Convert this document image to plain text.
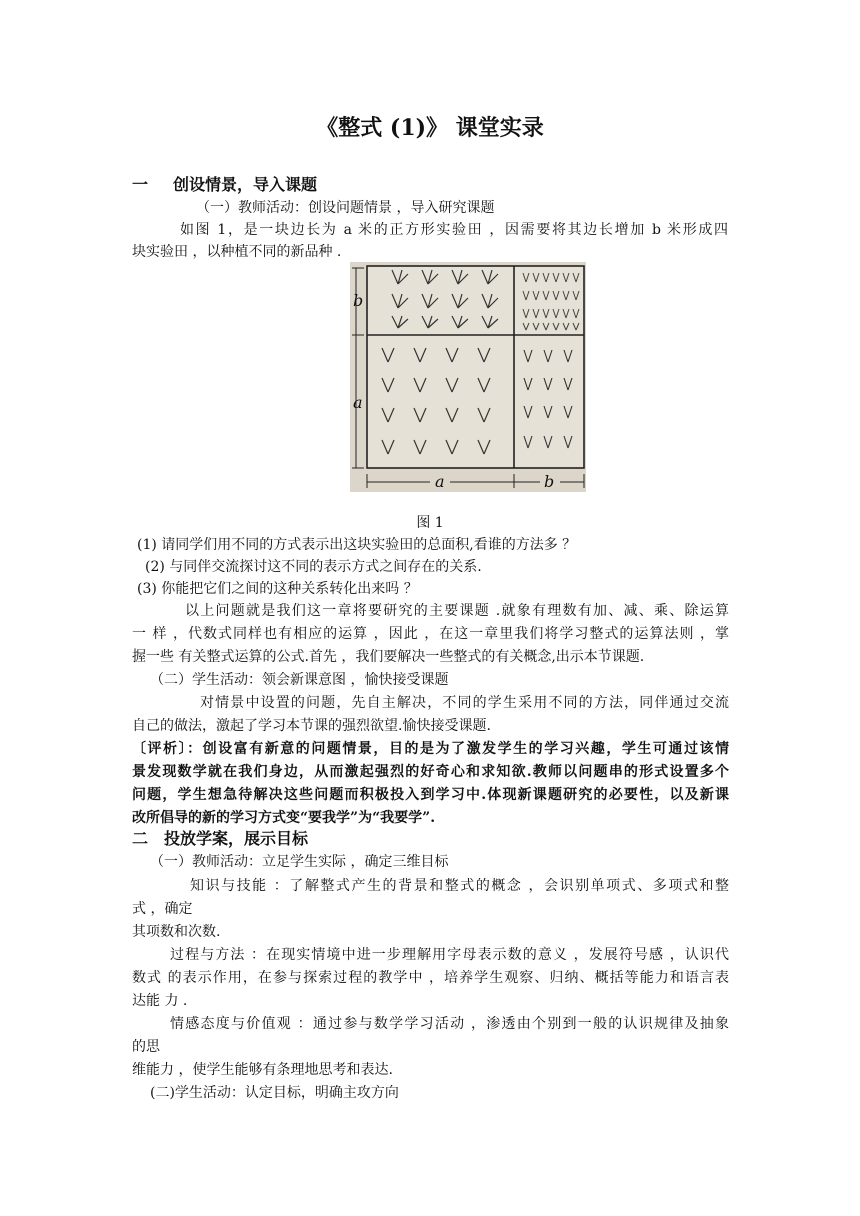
《整式 (1)》 课堂实录
一 创设情景，导入课题
（一）教师活动：创设问题情景 ，导入研究课题
如图 1，是一块边长为 a 米的正方形实验田 ，因需要将其边长增加 b 米形成四
块实验田 ，以种植不同的新品种 .
b
a
a	b
图 1
(1) 请同学们用不同的方式表示出这块实验田的总面积,看谁的方法多 ？
(2) 与同伴交流探讨这不同的表示方式之间存在的关系.
(3) 你能把它们之间的这种关系转化出来吗 ？
以上问题就是我们这一章将要研究的主要课题 .就象有理数有加、减、乘、除运算
一 样 ，代数式同样也有相应的运算 ，因此 ，在这一章里我们将学习整式的运算法则 ，掌
握一些 有关整式运算的公式.首先 ，我们要解决一些整式的有关概念,出示本节课题.
（二）学生活动：领会新课意图 ，愉快接受课题
对情景中设置的问题，先自主解决，不同的学生采用不同的方法，同伴通过交流
自己的做法，激起了学习本节课的强烈欲望.愉快接受课题.
〔评析〕：创设富有新意的问题情景，目的是为了激发学生的学习兴趣，学生可通过该情
景发现数学就在我们身边，从而激起强烈的好奇心和求知欲.教师以问题串的形式设置多个
问题，学生想急待解决这些问题而积极投入到学习中.体现新课题研究的必要性，以及新课
改所倡导的新的学习方式变“要我学”为“我要学”.
二 投放学案，展示目标
（一）教师活动：立足学生实际 ，确定三维目标
知识与技能 ：了解整式产生的背景和整式的概念 ，会识别单项式、多项式和整
式 ，确定
其项数和次数.
过程与方法 ：在现实情境中进一步理解用字母表示数的意义 ，发展符号感 ，认识代
数式 的表示作用，在参与探索过程的教学中 ，培养学生观察、归纳、概括等能力和语言表
达能 力 .
情感态度与价值观 ：通过参与数学学习活动 ，渗透由个别到一般的认识规律及抽象
的思
维能力 ，使学生能够有条理地思考和表达.
(二)学生活动：认定目标，明确主攻方向
